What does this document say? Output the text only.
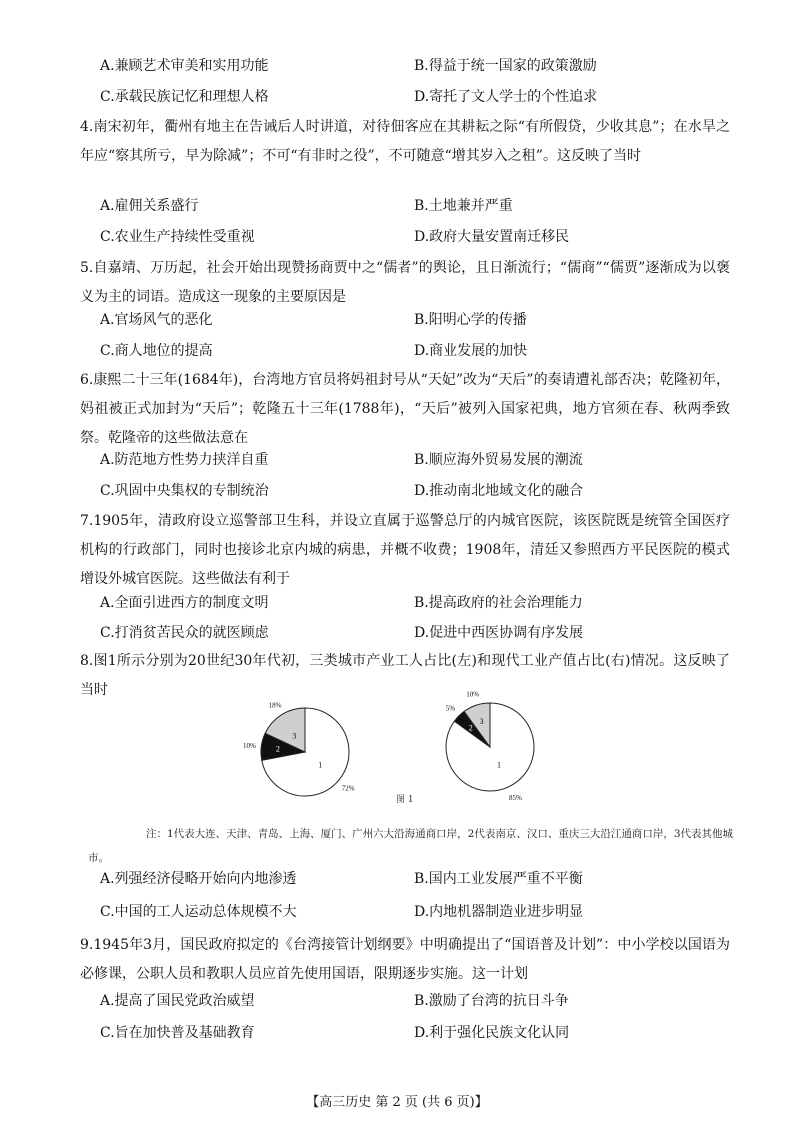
A.兼顾艺术审美和实用功能	B.得益于统一国家的政策激励
C.承载民族记忆和理想人格	D.寄托了文人学士的个性追求
4.南宋初年，衢州有地主在告诫后人时讲道，对待佃客应在其耕耘之际“有所假贷，少收其息”；在水旱之年应“察其所亏，早为除减”；不可“有非时之役”，不可随意“增其岁入之租”。这反映了当时
A.雇佣关系盛行	B.土地兼并严重
C.农业生产持续性受重视	D.政府大量安置南迁移民
5.自嘉靖、万历起，社会开始出现赞扬商贾中之“儒者”的舆论，且日渐流行；“儒商”“儒贾”逐渐成为以褒义为主的词语。造成这一现象的主要原因是
A.官场风气的恶化	B.阳明心学的传播
C.商人地位的提高	D.商业发展的加快
6.康熙二十三年(1684年)，台湾地方官员将妈祖封号从“天妃”改为“天后”的奏请遭礼部否决；乾隆初年，妈祖被正式加封为“天后”；乾隆五十三年(1788年)，“天后”被列入国家祀典，地方官须在春、秋两季致祭。乾隆帝的这些做法意在
A.防范地方性势力挟洋自重	B.顺应海外贸易发展的潮流
C.巩固中央集权的专制统治	D.推动南北地域文化的融合
7.1905年，清政府设立巡警部卫生科，并设立直属于巡警总厅的内城官医院，该医院既是统管全国医疗机构的行政部门，同时也接诊北京内城的病患，并概不收费；1908年，清廷又参照西方平民医院的模式增设外城官医院。这些做法有利于
A.全面引进西方的制度文明	B.提高政府的社会治理能力
C.打消贫苦民众的就医顾虑	D.促进中西医协调有序发展
8.图1所示分别为20世纪30年代初，三类城市产业工人占比(左)和现代工业产值占比(右)情况。这反映了当时
1
72%
2
10%
3
18%
1
85%
2
5%
3
10%
图 1
注：1代表大连、天津、青岛、上海、厦门、广州六大沿海通商口岸，2代表南京、汉口、重庆三大沿江通商口岸，3代表其他城市。
A.列强经济侵略开始向内地渗透	B.国内工业发展严重不平衡
C.中国的工人运动总体规模不大	D.内地机器制造业进步明显
9.1945年3月，国民政府拟定的《台湾接管计划纲要》中明确提出了“国语普及计划”：中小学校以国语为必修课，公职人员和教职人员应首先使用国语，限期逐步实施。这一计划
A.提高了国民党政治威望	B.激励了台湾的抗日斗争
C.旨在加快普及基础教育	D.利于强化民族文化认同
【高三历史 第 2 页 (共 6 页)】
